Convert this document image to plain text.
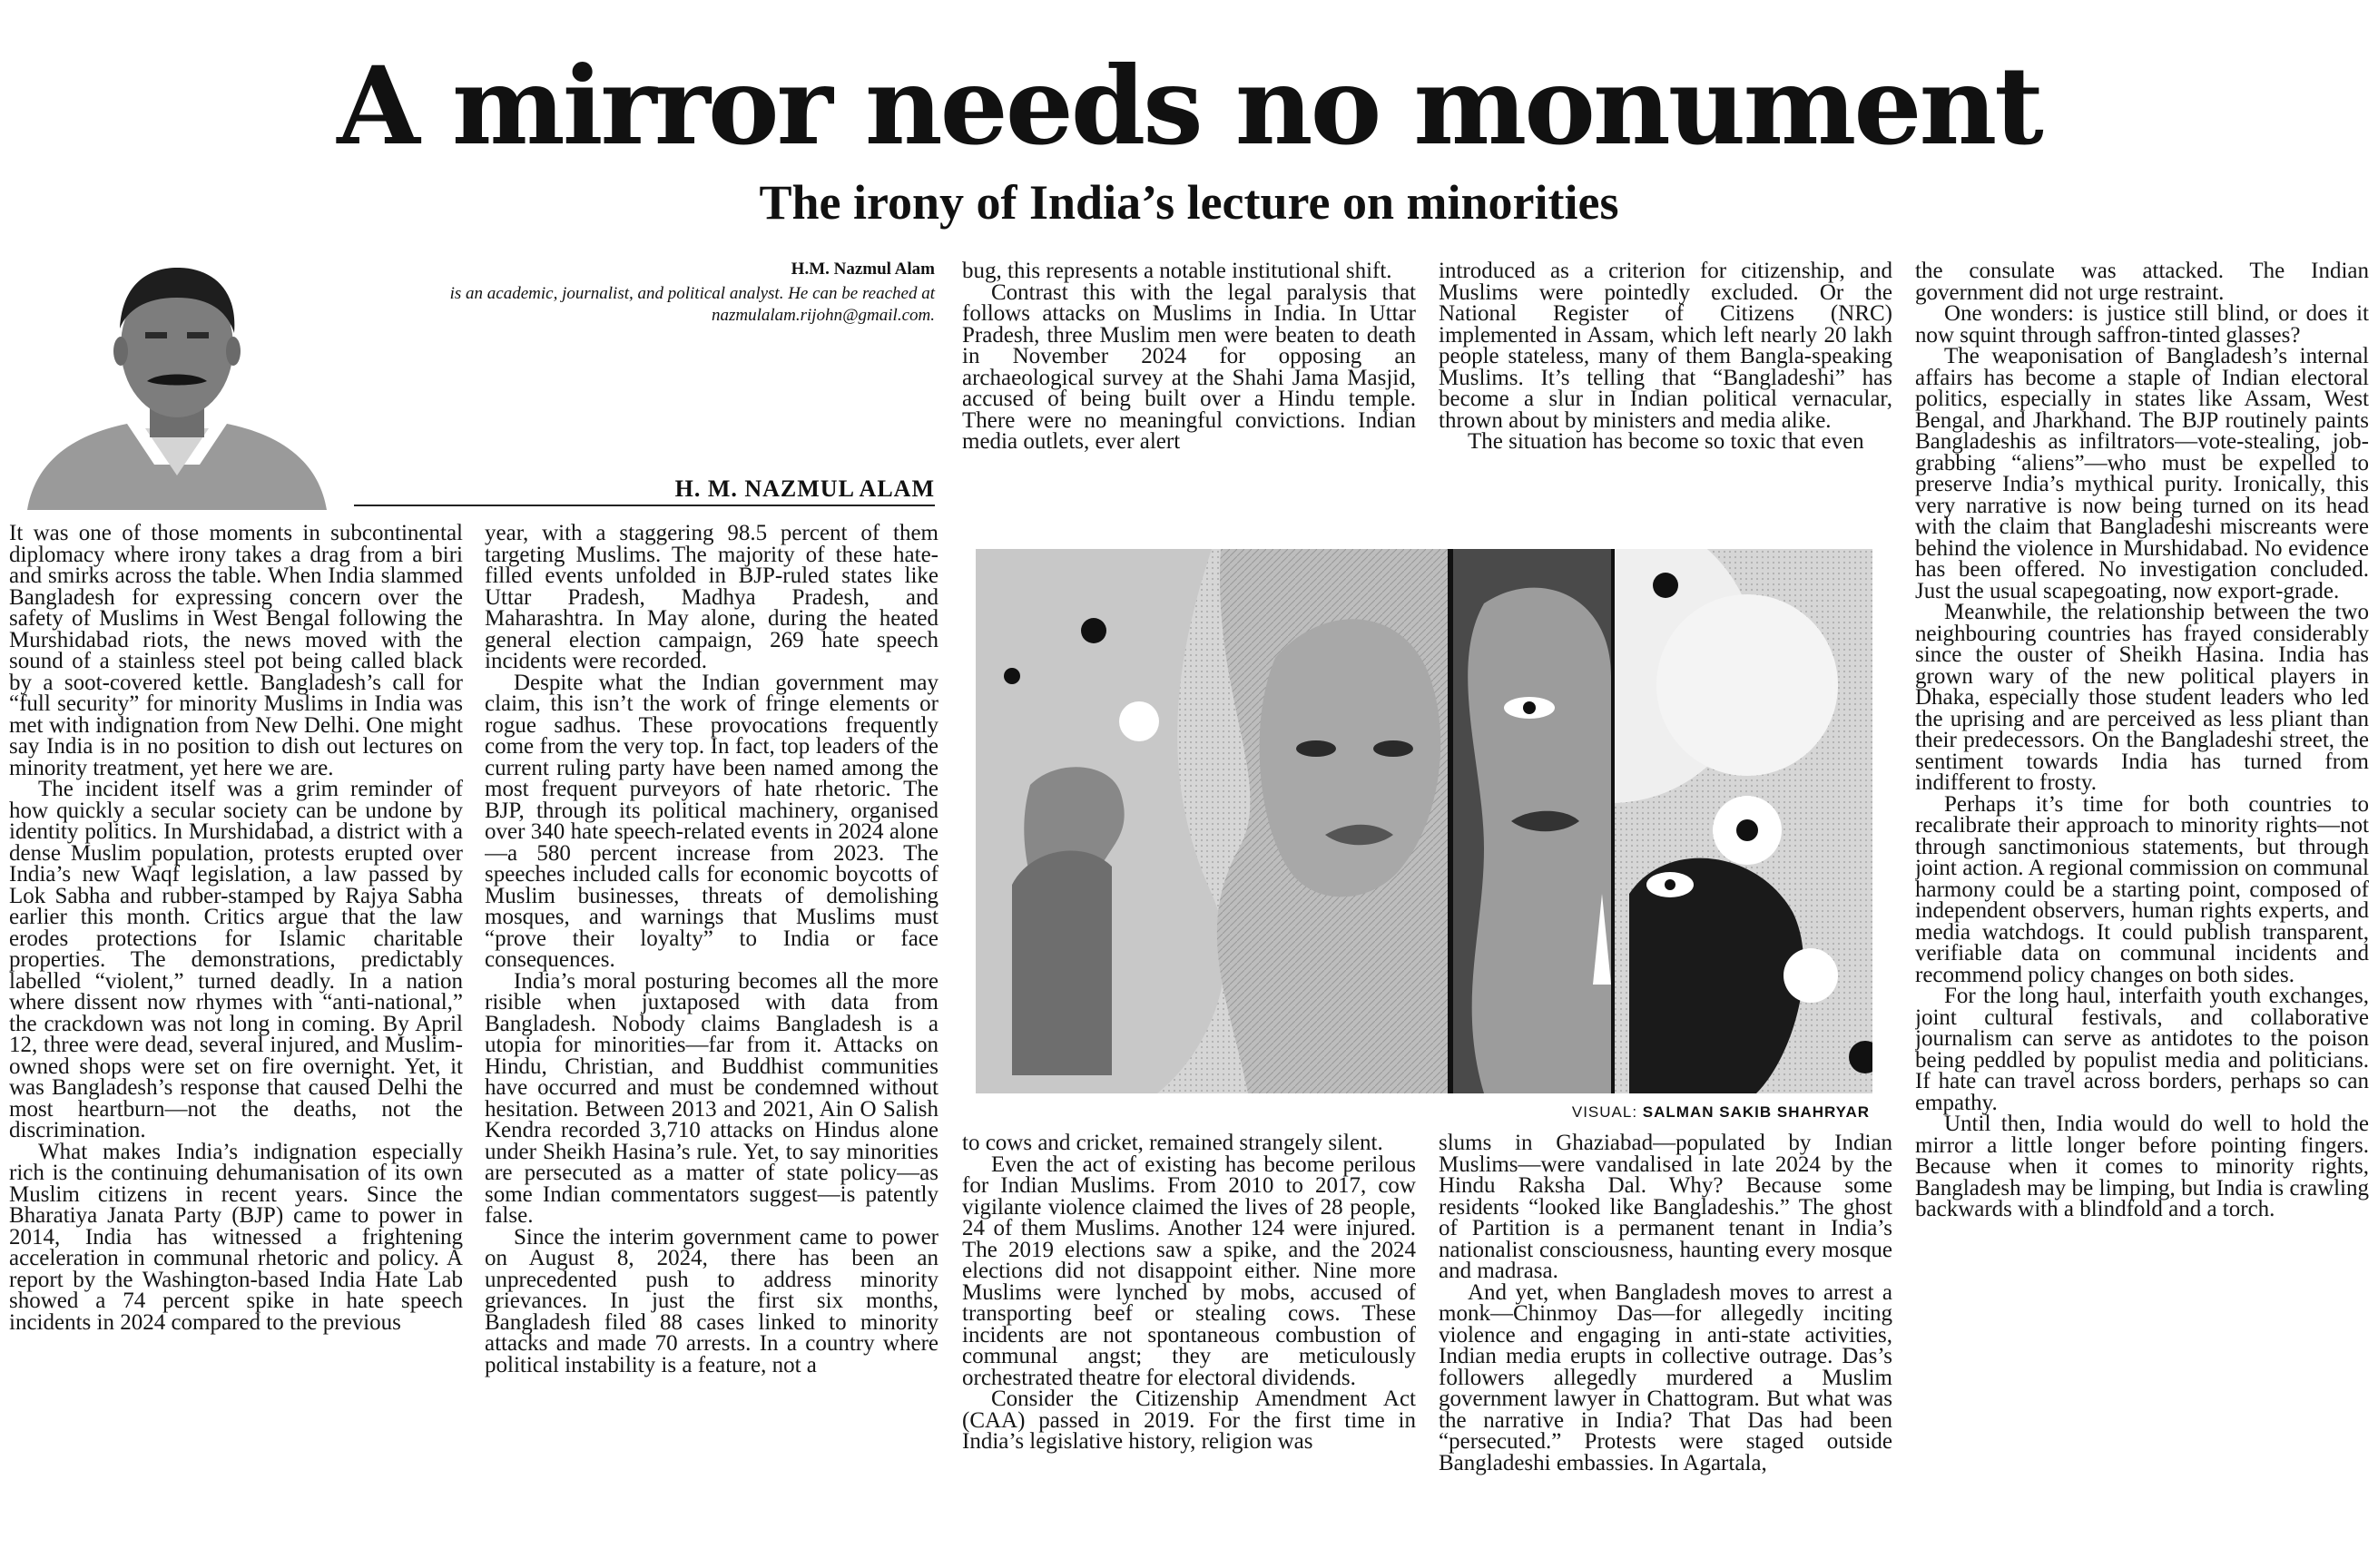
A mirror needs no monument
The irony of India’s lecture on minorities
H.M. Nazmul Alam
is an academic, journalist, and political analyst. He can be reached at nazmulalam.rijohn@gmail.com.
H. M. NAZMUL ALAM

It was one of those moments in subcontinental diplomacy where irony takes a drag from a biri and smirks across the table. When India slammed Bangladesh for expressing concern over the safety of Muslims in West Bengal following the Murshidabad riots, the news moved with the sound of a stainless steel pot being called black by a soot-covered kettle. Bangladesh’s call for “full security” for minority Muslims in India was met with indignation from New Delhi. One might say India is in no position to dish out lectures on minority treatment, yet here we are.

The incident itself was a grim reminder of how quickly a secular society can be undone by identity politics. In Murshidabad, a district with a dense Muslim population, protests erupted over India’s new Waqf legislation, a law passed by Lok Sabha and rubber-stamped by Rajya Sabha earlier this month. Critics argue that the law erodes protections for Islamic charitable properties. The demonstrations, predictably labelled “violent,” turned deadly. In a nation where dissent now rhymes with “anti-national,” the crackdown was not long in coming. By April 12, three were dead, several injured, and Muslim-owned shops were set on fire overnight. Yet, it was Bangladesh’s response that caused Delhi the most heartburn—not the deaths, not the discrimination.

What makes India’s indignation especially rich is the continuing dehumanisation of its own Muslim citizens in recent years. Since the Bharatiya Janata Party (BJP) came to power in 2014, India has witnessed a frightening acceleration in communal rhetoric and policy. A report by the Washington-based India Hate Lab showed a 74 percent spike in hate speech incidents in 2024 compared to the previous

year, with a staggering 98.5 percent of them targeting Muslims. The majority of these hate-filled events unfolded in BJP-ruled states like Uttar Pradesh, Madhya Pradesh, and Maharashtra. In May alone, during the heated general election campaign, 269 hate speech incidents were recorded.

Despite what the Indian government may claim, this isn’t the work of fringe elements or rogue sadhus. These provocations frequently come from the very top. In fact, top leaders of the current ruling party have been named among the most frequent purveyors of hate rhetoric. The BJP, through its political machinery, organised over 340 hate speech-related events in 2024 alone—a 580 percent increase from 2023. The speeches included calls for economic boycotts of Muslim businesses, threats of demolishing mosques, and warnings that Muslims must “prove their loyalty” to India or face consequences.

India’s moral posturing becomes all the more risible when juxtaposed with data from Bangladesh. Nobody claims Bangladesh is a utopia for minorities—far from it. Attacks on Hindu, Christian, and Buddhist communities have occurred and must be condemned without hesitation. Between 2013 and 2021, Ain O Salish Kendra recorded 3,710 attacks on Hindus alone under Sheikh Hasina’s rule. Yet, to say minorities are persecuted as a matter of state policy—as some Indian commentators suggest—is patently false.

Since the interim government came to power on August 8, 2024, there has been an unprecedented push to address minority grievances. In just the first six months, Bangladesh filed 88 cases linked to minority attacks and made 70 arrests. In a country where political instability is a feature, not a

bug, this represents a notable institutional shift.

Contrast this with the legal paralysis that follows attacks on Muslims in India. In Uttar Pradesh, three Muslim men were beaten to death in November 2024 for opposing an archaeological survey at the Shahi Jama Masjid, accused of being built over a Hindu temple. There were no meaningful convictions. Indian media outlets, ever alert

introduced as a criterion for citizenship, and Muslims were pointedly excluded. Or the National Register of Citizens (NRC) implemented in Assam, which left nearly 20 lakh people stateless, many of them Bangla-speaking Muslims. It’s telling that “Bangladeshi” has become a slur in Indian political vernacular, thrown about by ministers and media alike.

The situation has become so toxic that even

VISUAL: SALMAN SAKIB SHAHRYAR

to cows and cricket, remained strangely silent.

Even the act of existing has become perilous for Indian Muslims. From 2010 to 2017, cow vigilante violence claimed the lives of 28 people, 24 of them Muslims. Another 124 were injured. The 2019 elections saw a spike, and the 2024 elections did not disappoint either. Nine more Muslims were lynched by mobs, accused of transporting beef or stealing cows. These incidents are not spontaneous combustion of communal angst; they are meticulously orchestrated theatre for electoral dividends.

Consider the Citizenship Amendment Act (CAA) passed in 2019. For the first time in India’s legislative history, religion was

slums in Ghaziabad—populated by Indian Muslims—were vandalised in late 2024 by the Hindu Raksha Dal. Why? Because some residents “looked like Bangladeshis.” The ghost of Partition is a permanent tenant in India’s nationalist consciousness, haunting every mosque and madrasa.

And yet, when Bangladesh moves to arrest a monk—Chinmoy Das—for allegedly inciting violence and engaging in anti-state activities, Indian media erupts in collective outrage. Das’s followers allegedly murdered a Muslim government lawyer in Chattogram. But what was the narrative in India? That Das had been “persecuted.” Protests were staged outside Bangladeshi embassies. In Agartala,

the consulate was attacked. The Indian government did not urge restraint.

One wonders: is justice still blind, or does it now squint through saffron-tinted glasses?

The weaponisation of Bangladesh’s internal affairs has become a staple of Indian electoral politics, especially in states like Assam, West Bengal, and Jharkhand. The BJP routinely paints Bangladeshis as infiltrators—vote-stealing, job-grabbing “aliens”—who must be expelled to preserve India’s mythical purity. Ironically, this very narrative is now being turned on its head with the claim that Bangladeshi miscreants were behind the violence in Murshidabad. No evidence has been offered. No investigation concluded. Just the usual scapegoating, now export-grade.

Meanwhile, the relationship between the two neighbouring countries has frayed considerably since the ouster of Sheikh Hasina. India has grown wary of the new political players in Dhaka, especially those student leaders who led the uprising and are perceived as less pliant than their predecessors. On the Bangladeshi street, the sentiment towards India has turned from indifferent to frosty.

Perhaps it’s time for both countries to recalibrate their approach to minority rights—not through sanctimonious statements, but through joint action. A regional commission on communal harmony could be a starting point, composed of independent observers, human rights experts, and media watchdogs. It could publish transparent, verifiable data on communal incidents and recommend policy changes on both sides.

For the long haul, interfaith youth exchanges, joint cultural festivals, and collaborative journalism can serve as antidotes to the poison being peddled by populist media and politicians. If hate can travel across borders, perhaps so can empathy.

Until then, India would do well to hold the mirror a little longer before pointing fingers. Because when it comes to minority rights, Bangladesh may be limping, but India is crawling backwards with a blindfold and a torch.
